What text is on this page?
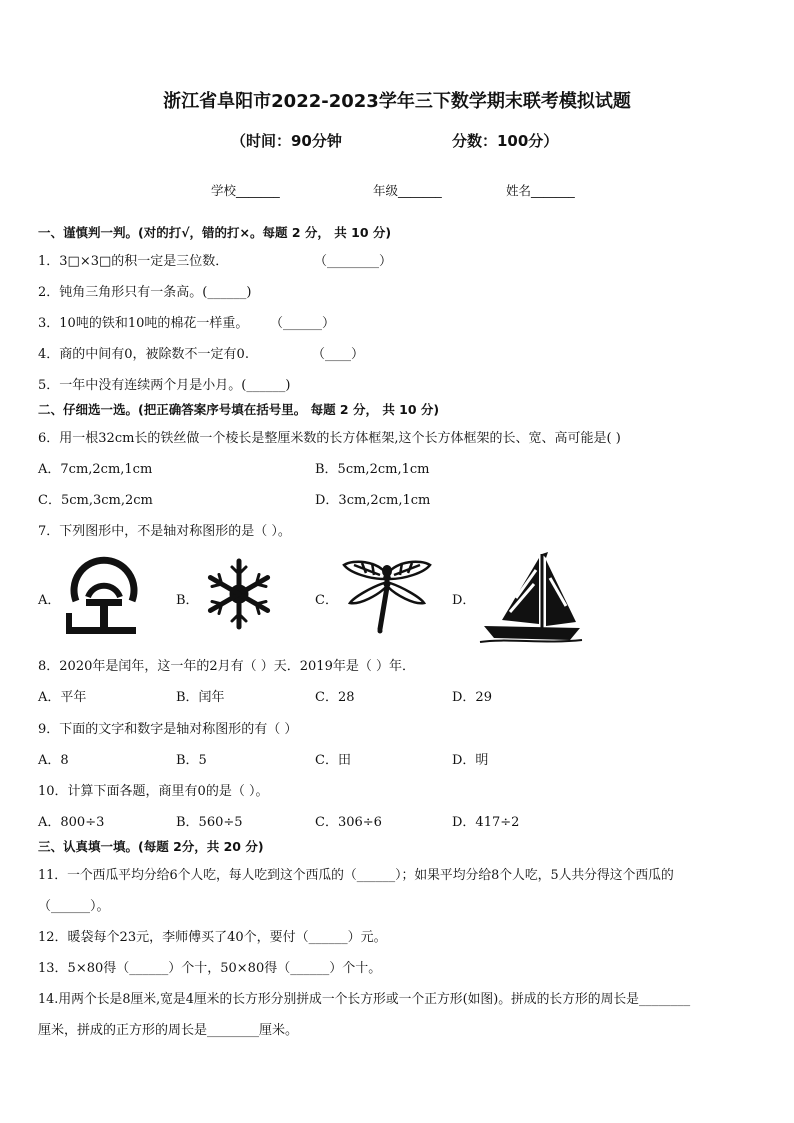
浙江省阜阳市2022-2023学年三下数学期末联考模拟试题
（时间：90分钟	分数：100分）
学校_______	年级_______	姓名_______
一、谨慎判一判。(对的打√，错的打×。每题 2 分， 共 10 分)
1．3□×3□的积一定是三位数．	（________）
2．钝角三角形只有一条高。(______)
3．10吨的铁和10吨的棉花一样重。 （______）
4．商的中间有0，被除数不一定有0.	（____）
5．一年中没有连续两个月是小月。(______)
二、仔细选一选。(把正确答案序号填在括号里。 每题 2 分， 共 10 分)
6．用一根32cm长的铁丝做一个棱长是整厘米数的长方体框架,这个长方体框架的长、宽、高可能是( )
A．7cm,2cm,1cm	B．5cm,2cm,1cm
C．5cm,3cm,2cm	D．3cm,2cm,1cm
7．下列图形中，不是轴对称图形的是（ ）。
A．	B．	C．	D．
8．2020年是闰年，这一年的2月有（ ）天．2019年是（ ）年．
A．平年	B．闰年	C．28	D．29
9．下面的文字和数字是轴对称图形的有（ ）
A．8	B．5	C．田	D．明
10．计算下面各题，商里有0的是（ ）。
A．800÷3	B．560÷5	C．306÷6	D．417÷2
三、认真填一填。(每题 2分，共 20 分)
11．一个西瓜平均分给6个人吃，每人吃到这个西瓜的（______）；如果平均分给8个人吃，5人共分得这个西瓜的
（______）。
12．暖袋每个23元，李师傅买了40个，要付（______）元。
13．5×80得（______）个十，50×80得（______）个十。
14.用两个长是8厘米,宽是4厘米的长方形分别拼成一个长方形或一个正方形(如图)。拼成的长方形的周长是________
厘米，拼成的正方形的周长是________厘米。
